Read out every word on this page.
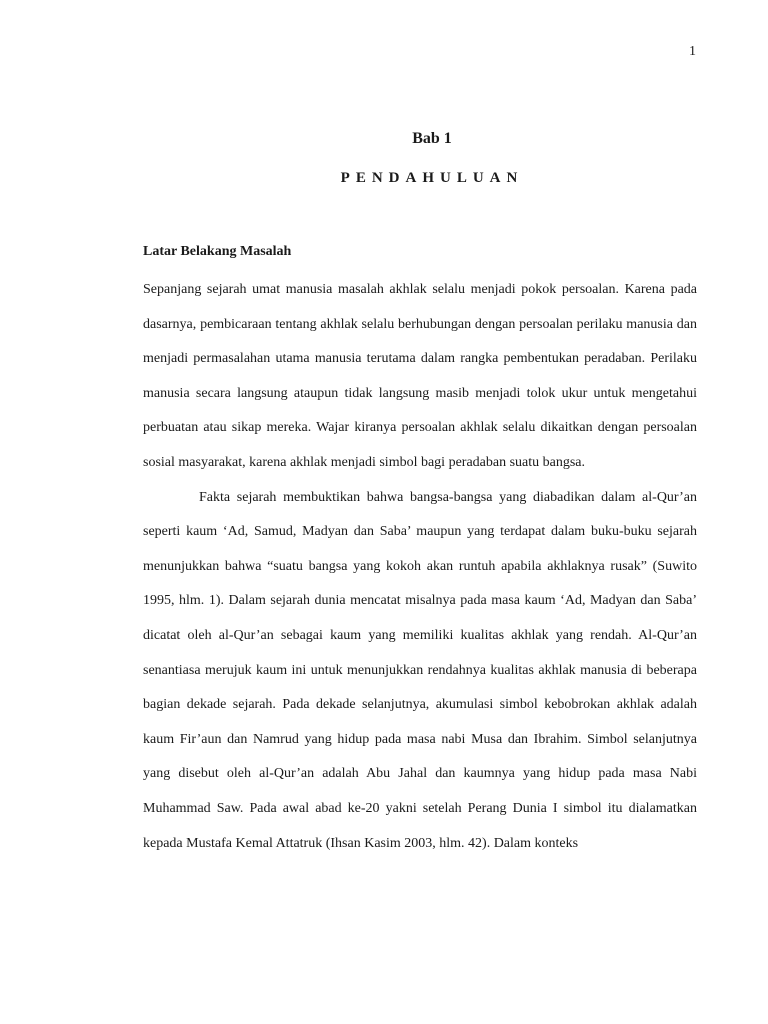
1
Bab 1
PENDAHULUAN
Latar Belakang Masalah

Sepanjang sejarah umat manusia masalah akhlak selalu menjadi pokok persoalan. Karena pada dasarnya, pembicaraan tentang akhlak selalu berhubungan dengan persoalan perilaku manusia dan menjadi permasalahan utama manusia terutama dalam rangka pembentukan peradaban. Perilaku manusia secara langsung ataupun tidak langsung masib menjadi tolok ukur untuk mengetahui perbuatan atau sikap mereka. Wajar kiranya persoalan akhlak selalu dikaitkan dengan persoalan sosial masyarakat, karena akhlak menjadi simbol bagi peradaban suatu bangsa.

Fakta sejarah membuktikan bahwa bangsa-bangsa yang diabadikan dalam al-Qur’an seperti kaum ‘Ad, Samud, Madyan dan Saba’ maupun yang terdapat dalam buku-buku sejarah menunjukkan bahwa “suatu bangsa yang kokoh akan runtuh apabila akhlaknya rusak” (Suwito 1995, hlm. 1). Dalam sejarah dunia mencatat misalnya pada masa kaum ‘Ad, Madyan dan Saba’ dicatat oleh al-Qur’an sebagai kaum yang memiliki kualitas akhlak yang rendah. Al-Qur’an senantiasa merujuk kaum ini untuk menunjukkan rendahnya kualitas akhlak manusia di beberapa bagian dekade sejarah. Pada dekade selanjutnya, akumulasi simbol kebobrokan akhlak adalah kaum Fir’aun dan Namrud yang hidup pada masa nabi Musa dan Ibrahim. Simbol selanjutnya yang disebut oleh al-Qur’an adalah Abu Jahal dan kaumnya yang hidup pada masa Nabi Muhammad Saw. Pada awal abad ke-20 yakni setelah Perang Dunia I simbol itu dialamatkan kepada Mustafa Kemal Attatruk (Ihsan Kasim 2003, hlm. 42). Dalam konteks
